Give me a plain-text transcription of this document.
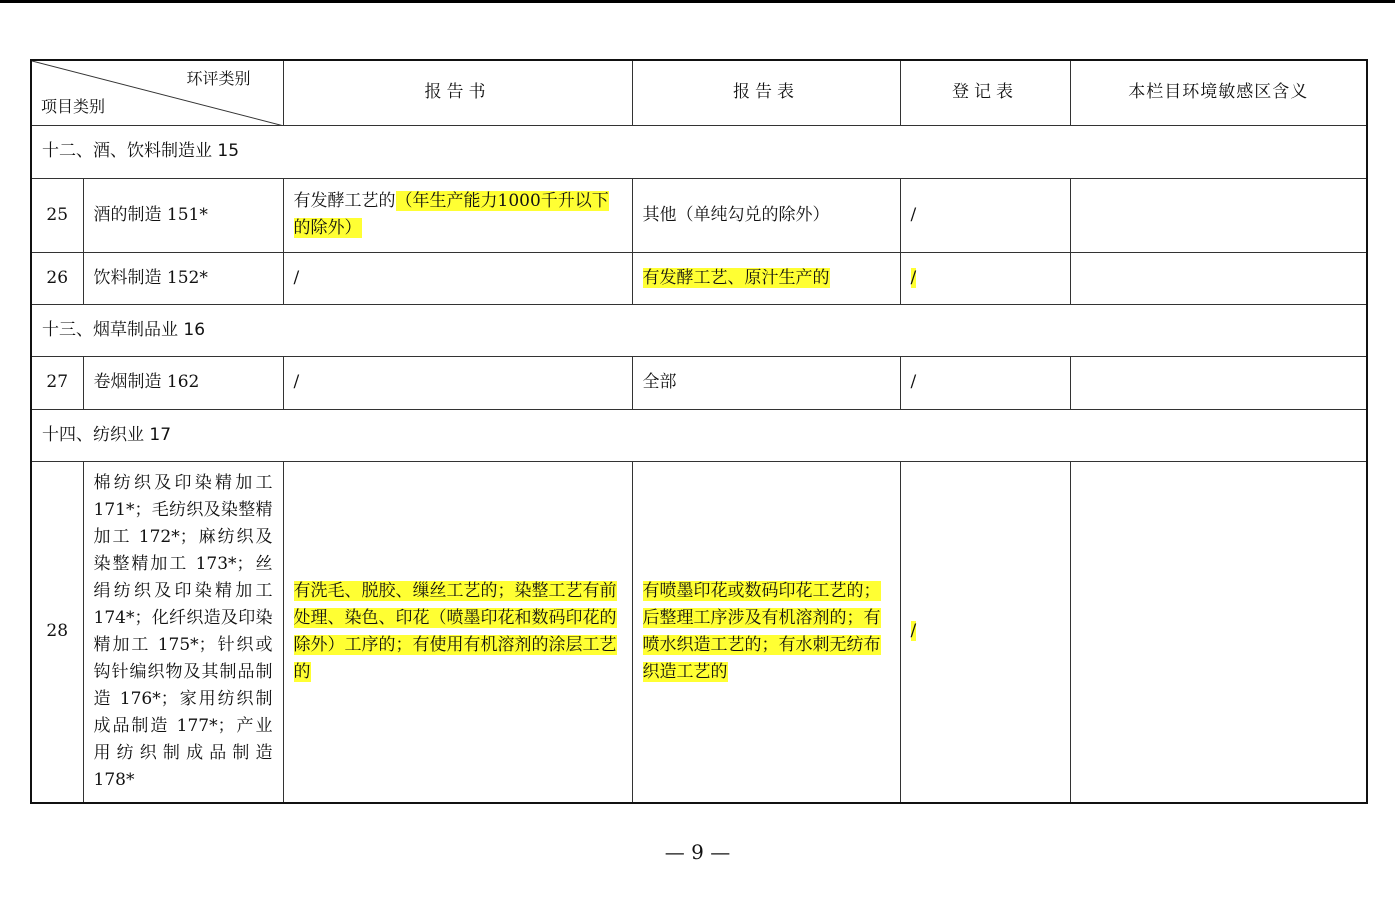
环评类别
项目类别		报告书	报告表	登记表	本栏目环境敏感区含义
十二、酒、饮料制造业 15					
25	酒的制造 151*	有发酵工艺的（年生产能力1000千升以下的除外）	其他（单纯勾兑的除外）	/	
26	饮料制造 152*	/	有发酵工艺、原汁生产的	/	
十三、烟草制品业 16					
27	卷烟制造 162	/	全部	/	
十四、纺织业 17					
28	棉纺织及印染精加工 171*；毛纺织及染整精加工 172*；麻纺织及染整精加工 173*；丝绢纺织及印染精加工 174*；化纤织造及印染精加工 175*；针织或钩针编织物及其制品制造 176*；家用纺织制成品制造 177*；产业用纺织制成品制造 178*	有洗毛、脱胶、缫丝工艺的；染整工艺有前处理、染色、印花（喷墨印花和数码印花的除外）工序的；有使用有机溶剂的涂层工艺的	有喷墨印花或数码印花工艺的；后整理工序涉及有机溶剂的；有喷水织造工艺的；有水刺无纺布织造工艺的	/	
— 9 —
